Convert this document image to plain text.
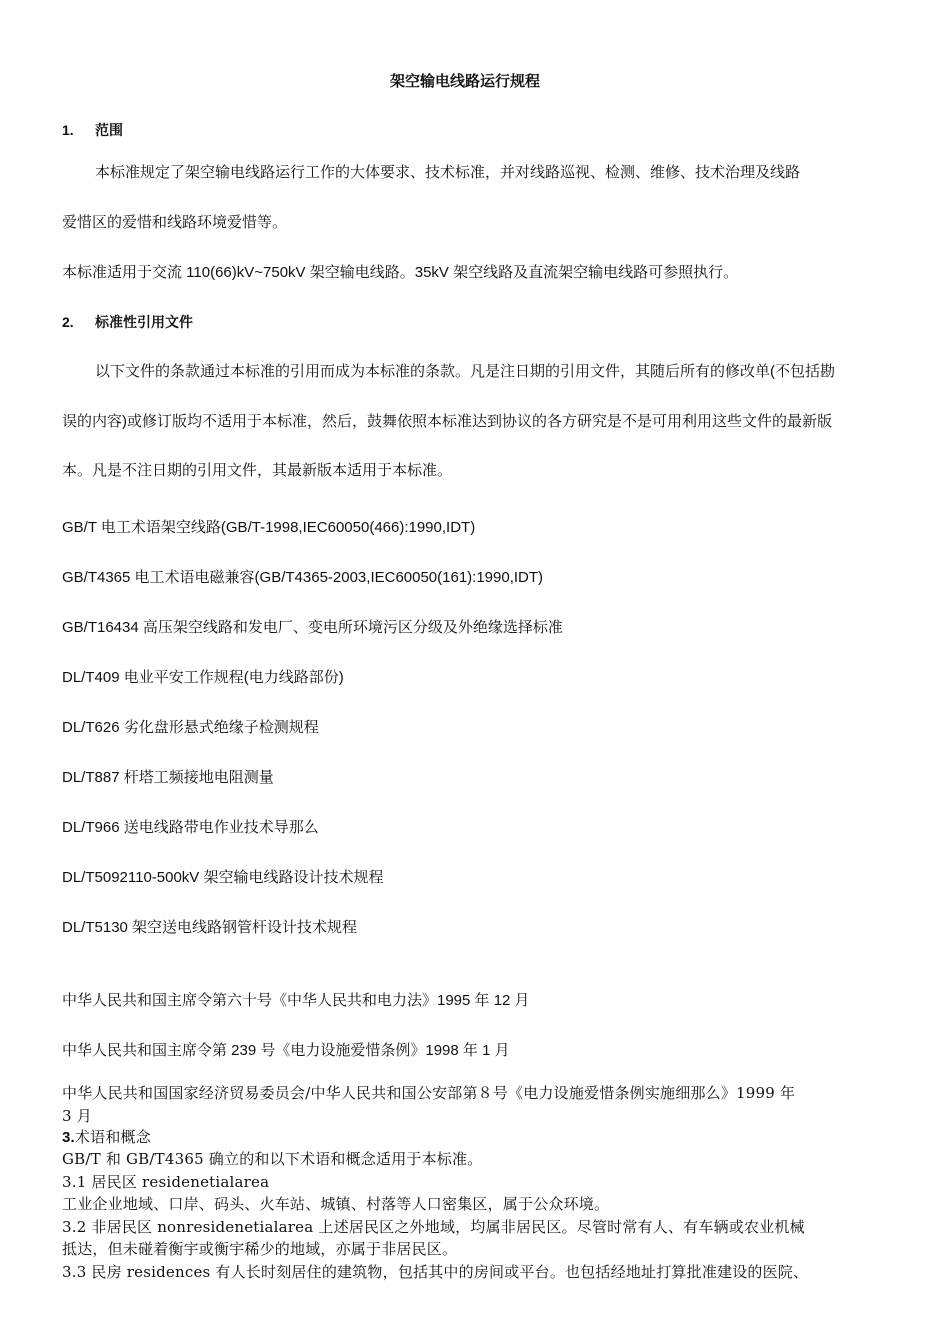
架空输电线路运行规程
1. 范围
本标准规定了架空输电线路运行工作的大体要求、技术标准，并对线路巡视、检测、维修、技术治理及线路
爱惜区的爱惜和线路环境爱惜等。
本标准适用于交流 110(66)kV~750kV 架空输电线路。35kV 架空线路及直流架空输电线路可参照执行。
2. 标准性引用文件
以下文件的条款通过本标准的引用而成为本标准的条款。凡是注日期的引用文件，其随后所有的修改单(不包括勘
误的内容)或修订版均不适用于本标准，然后，鼓舞依照本标准达到协议的各方研究是不是可用利用这些文件的最新版
本。凡是不注日期的引用文件，其最新版本适用于本标准。
GB/T 电工术语架空线路(GB/T-1998,IEC60050(466):1990,IDT)
GB/T4365 电工术语电磁兼容(GB/T4365-2003,IEC60050(161):1990,IDT)
GB/T16434 高压架空线路和发电厂、变电所环境污区分级及外绝缘选择标准
DL/T409 电业平安工作规程(电力线路部份)
DL/T626 劣化盘形悬式绝缘子检测规程
DL/T887 杆塔工频接地电阻测量
DL/T966 送电线路带电作业技术导那么
DL/T5092110-500kV 架空输电线路设计技术规程
DL/T5130 架空送电线路钢管杆设计技术规程
中华人民共和国主席令第六十号《中华人民共和电力法》1995 年 12 月
中华人民共和国主席令第 239 号《电力设施爱惜条例》1998 年 1 月
中华人民共和国国家经济贸易委员会/中华人民共和国公安部第８号《电力设施爱惜条例实施细那么》1999 年
3 月
3.术语和概念
GB/T 和 GB/T4365 确立的和以下术语和概念适用于本标准。
3.1 居民区 residenetialarea
工业企业地域、口岸、码头、火车站、城镇、村落等人口密集区，属于公众环境。
3.2 非居民区 nonresidenetialarea 上述居民区之外地域，均属非居民区。尽管时常有人、有车辆或农业机械
抵达，但未碰着衡宇或衡宇稀少的地域，亦属于非居民区。
3.3 民房 residences 有人长时刻居住的建筑物，包括其中的房间或平台。也包括经地址打算批准建设的医院、
